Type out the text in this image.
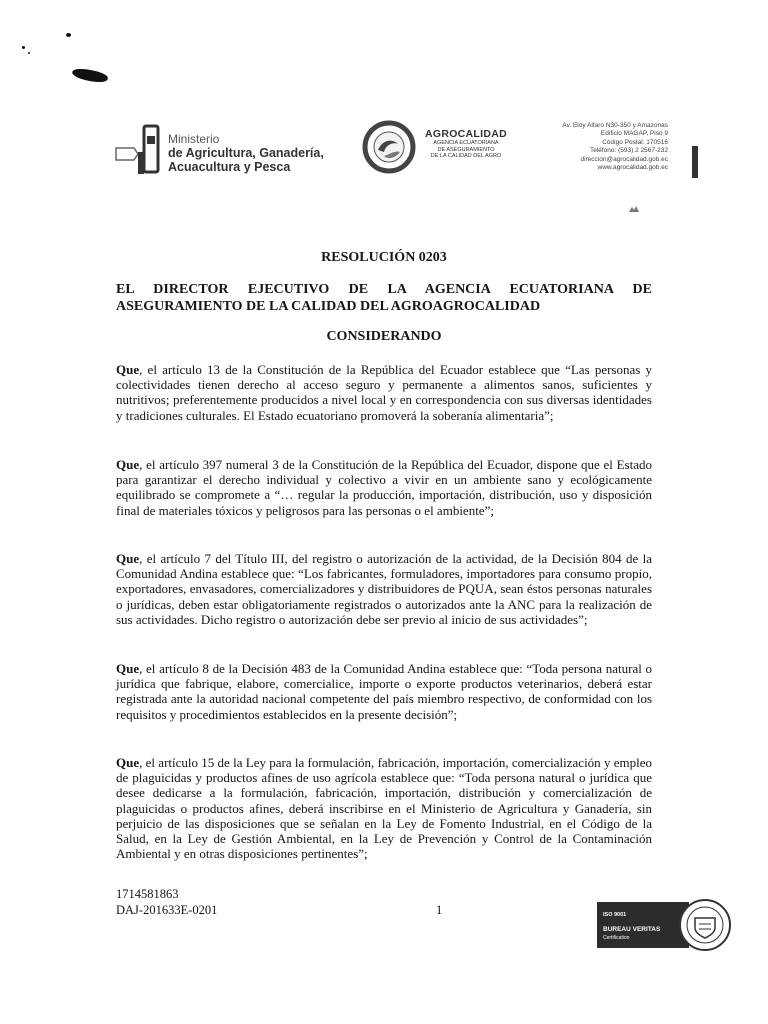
Ministerio
de Agricultura, Ganadería,
Acuacultura y Pesca
AGROCALIDAD
AGENCIA ECUATORIANA
DE ASEGURAMIENTO
DE LA CALIDAD DEL AGRO
Av. Eloy Alfaro N30-350 y Amazonas
Edificio MAGAP, Piso 9
Código Postal: 170516
Teléfono: (593) 2 2567-232
direccion@agrocalidad.gob.ec
www.agrocalidad.gob.ec
RESOLUCIÓN 0203
EL DIRECTOR EJECUTIVO DE LA AGENCIA ECUATORIANA DE ASEGURAMIENTO DE LA CALIDAD DEL AGROAGROCALIDAD
CONSIDERANDO
Que, el artículo 13 de la Constitución de la República del Ecuador establece que “Las personas y colectividades tienen derecho al acceso seguro y permanente a alimentos sanos, suficientes y nutritivos; preferentemente producidos a nivel local y en correspondencia con sus diversas identidades y tradiciones culturales. El Estado ecuatoriano promoverá la soberanía alimentaria”;
Que, el artículo 397 numeral 3 de la Constitución de la República del Ecuador, dispone que el Estado para garantizar el derecho individual y colectivo a vivir en un ambiente sano y ecológicamente equilibrado se compromete a “… regular la producción, importación, distribución, uso y disposición final de materiales tóxicos y peligrosos para las personas o el ambiente”;
Que, el artículo 7 del Título III, del registro o autorización de la actividad, de la Decisión 804 de la Comunidad Andina establece que: “Los fabricantes, formuladores, importadores para consumo propio, exportadores, envasadores, comercializadores y distribuidores de PQUA, sean éstos personas naturales o jurídicas, deben estar obligatoriamente registrados o autorizados ante la ANC para la realización de sus actividades. Dicho registro o autorización debe ser previo al inicio de sus actividades”;
Que, el artículo 8 de la Decisión 483 de la Comunidad Andina establece que: “Toda persona natural o jurídica que fabrique, elabore, comercialice, importe o exporte productos veterinarios, deberá estar registrada ante la autoridad nacional competente del país miembro respectivo, de conformidad con los requisitos y procedimientos establecidos en la presente decisión”;
Que, el artículo 15 de la Ley para la formulación, fabricación, importación, comercialización y empleo de plaguicidas y productos afines de uso agrícola establece que: “Toda persona natural o jurídica que desee dedicarse a la formulación, fabricación, importación, distribución y comercialización de plaguicidas o productos afines, deberá inscribirse en el Ministerio de Agricultura y Ganadería, sin perjuicio de las disposiciones que se señalan en la Ley de Fomento Industrial, en el Código de la Salud, en la Ley de Gestión Ambiental, en la Ley de Prevención y Control de la Contaminación Ambiental y en otras disposiciones pertinentes”;
1714581863
DAJ-201633E-0201	1	ISO 9001
BUREAU VERITAS
Certification
